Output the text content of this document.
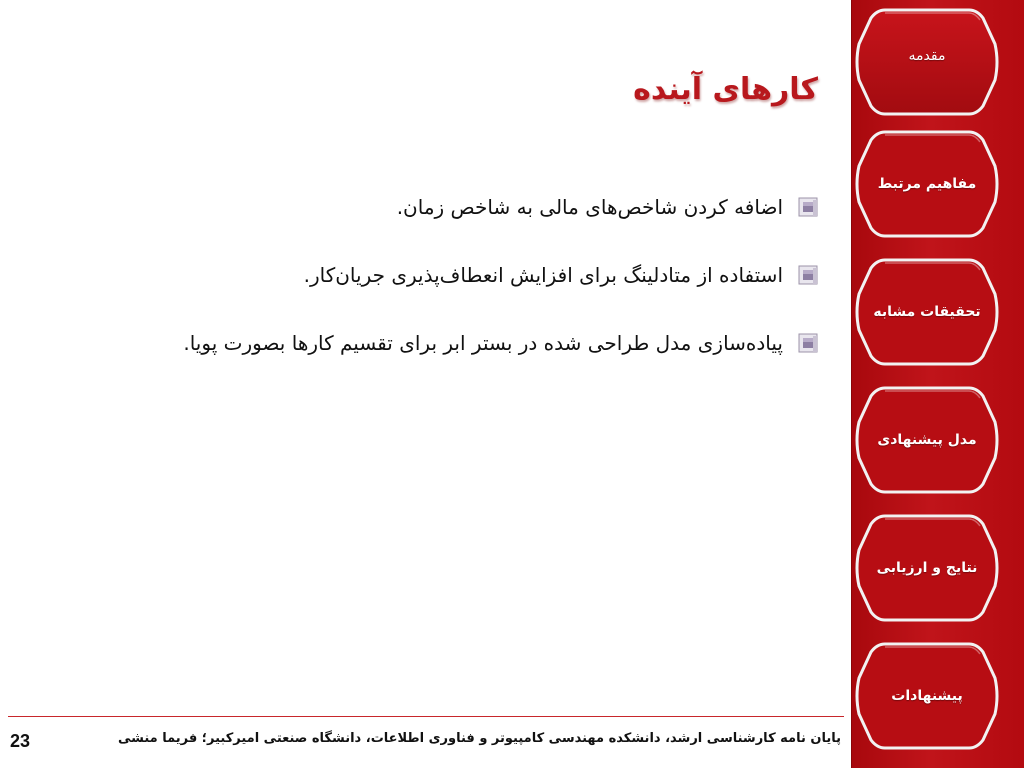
کارهای آینده
اضافه کردن شاخص‌های مالی به شاخص زمان.
استفاده از متادلینگ برای افزایش انعطاف‌پذیری جریان‌کار.
پیاده‌سازی مدل طراحی شده در بستر ابر برای تقسیم کارها بصورت پویا.
پایان نامه کارشناسی ارشد، دانشکده مهندسی کامپیوتر و فناوری اطلاعات، دانشگاه صنعتی امیرکبیر؛ فریما منشی
23
مقدمه
مفاهیم مرتبط
تحقیقات مشابه
مدل پیشنهادی
نتایج و ارزیابی
پیشنهادات
